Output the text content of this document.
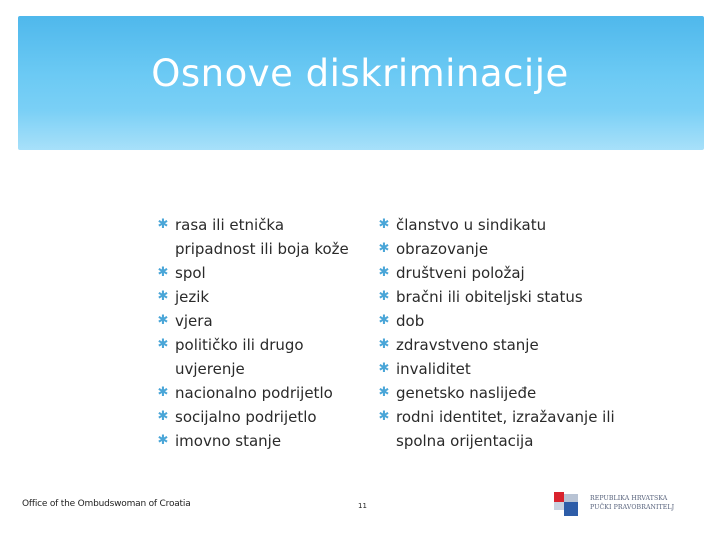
Osnove diskriminacije
✱ rasa ili etnička pripadnost ili boja kože
✱ spol
✱ jezik
✱ vjera
✱ političko ili drugo uvjerenje
✱ nacionalno podrijetlo
✱ socijalno podrijetlo
✱ imovno stanje
✱ članstvo u sindikatu
✱ obrazovanje
✱ društveni položaj
✱ bračni ili obiteljski status
✱ dob
✱ zdravstveno stanje
✱ invaliditet
✱ genetsko naslijeđe
✱ rodni identitet, izražavanje ili spolna orijentacija
Office of the Ombudswoman of Croatia	11
REPUBLIKA HRVATSKA
PUČKI PRAVOBRANITELJ
